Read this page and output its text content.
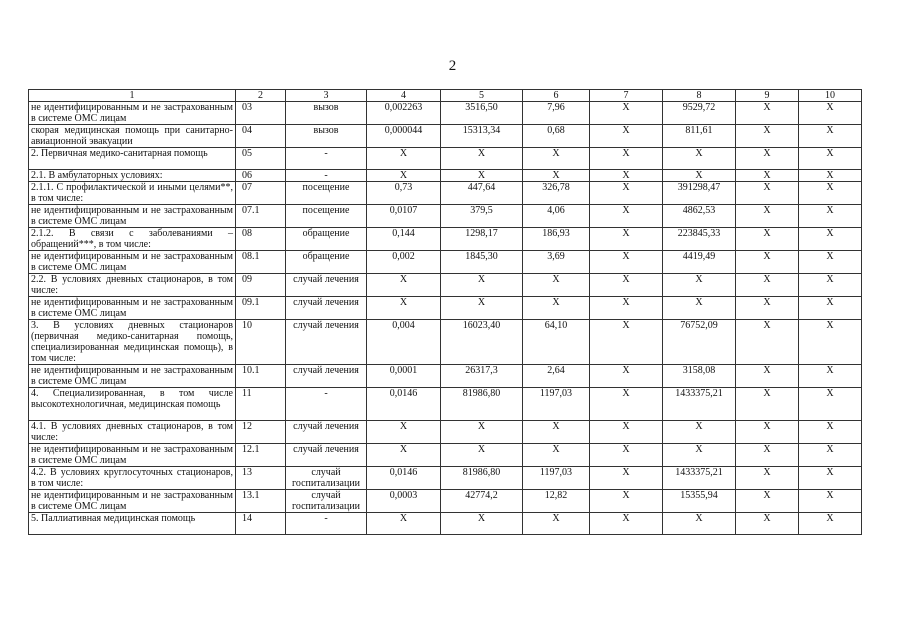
2
1	2	3	4	5	6	7	8	9	10
не идентифицированным и не застрахованным в системе ОМС лицам	03	вызов	0,002263	3516,50	7,96	Х	9529,72	Х	Х
скорая медицинская помощь при санитарно-авиационной эвакуации	04	вызов	0,000044	15313,34	0,68	Х	811,61	Х	Х
2. Первичная медико-санитарная помощь	05	-	Х	Х	Х	Х	Х	Х	Х
2.1. В амбулаторных условиях:	06	-	Х	Х	Х	Х	Х	Х	Х
2.1.1. С профилактической и иными целями**, в том числе:	07	посещение	0,73	447,64	326,78	Х	391298,47	Х	Х
не идентифицированным и не застрахованным в системе ОМС лицам	07.1	посещение	0,0107	379,5	4,06	Х	4862,53	Х	Х
2.1.2. В связи с заболеваниями – обращений***, в том числе:	08	обращение	0,144	1298,17	186,93	Х	223845,33	Х	Х
не идентифицированным и не застрахованным в системе ОМС лицам	08.1	обращение	0,002	1845,30	3,69	Х	4419,49	Х	Х
2.2. В условиях дневных стационаров, в том числе:	09	случай лечения	Х	Х	Х	Х	Х	Х	Х
не идентифицированным и не застрахованным в системе ОМС лицам	09.1	случай лечения	Х	Х	Х	Х	Х	Х	Х
3. В условиях дневных стационаров (первичная медико-санитарная помощь, специализированная медицинская помощь), в том числе:	10	случай лечения	0,004	16023,40	64,10	Х	76752,09	Х	Х
не идентифицированным и не застрахованным в системе ОМС лицам	10.1	случай лечения	0,0001	26317,3	2,64	Х	3158,08	Х	Х
4. Специализированная, в том числе высокотехнологичная, медицинская помощь	11	-	0,0146	81986,80	1197,03	Х	1433375,21	Х	Х
4.1. В условиях дневных стационаров, в том числе:	12	случай лечения	Х	Х	Х	Х	Х	Х	Х
не идентифицированным и не застрахованным в системе ОМС лицам	12.1	случай лечения	Х	Х	Х	Х	Х	Х	Х
4.2. В условиях круглосуточных стационаров, в том числе:	13	случай госпитализации	0,0146	81986,80	1197,03	Х	1433375,21	Х	Х
не идентифицированным и не застрахованным в системе ОМС лицам	13.1	случай госпитализации	0,0003	42774,2	12,82	Х	15355,94	Х	Х
5. Паллиативная медицинская помощь	14	-	Х	Х	Х	Х	Х	Х	Х
